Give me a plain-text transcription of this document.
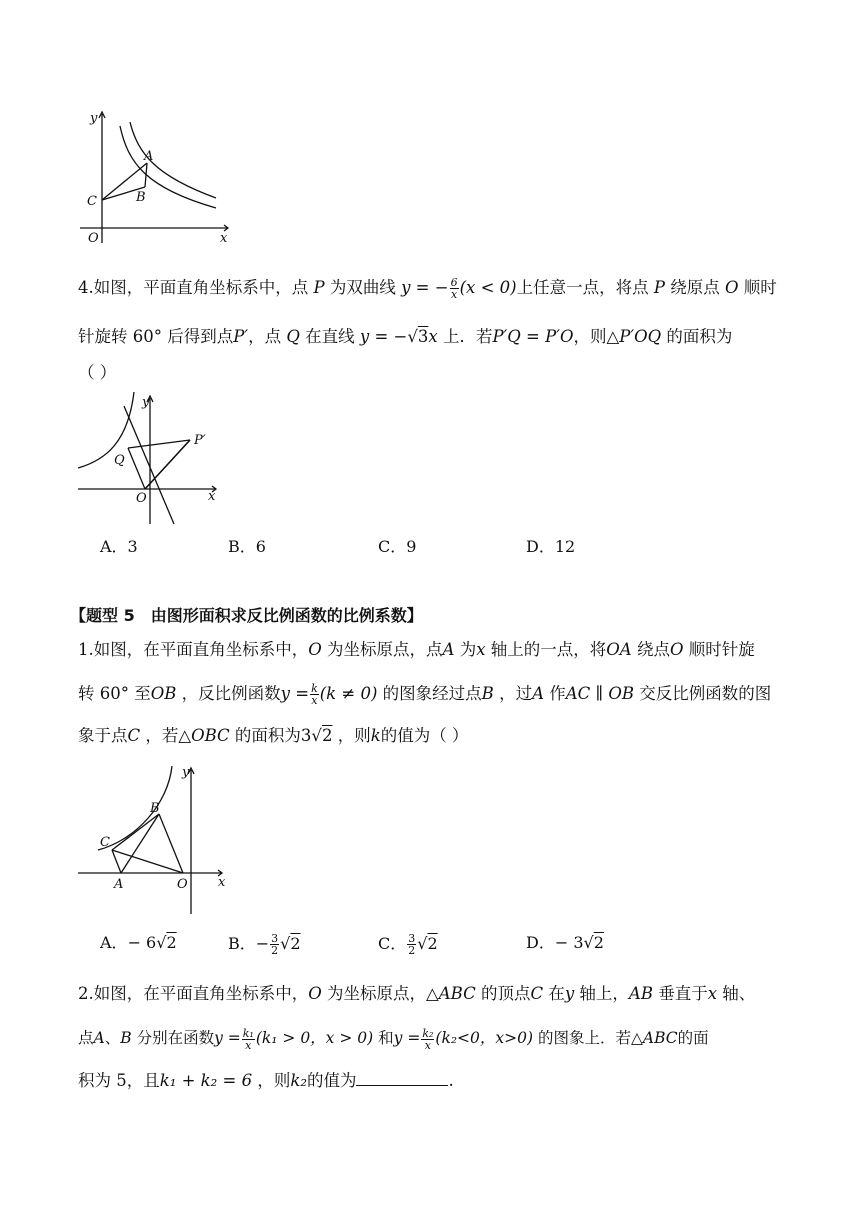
y
x
O
A
B
C
4.如图，平面直角坐标系中，点 P 为双曲线 y = − $\frac{6}{x} (x < 0)$上任意一点，将点 P 绕原点 O 顺时
针旋转 60° 后得到点P′，点 Q 在直线 y = −√3x 上．若P′Q = P′O，则△P′OQ 的面积为
（ ）
y
x
O
P′
Q
A．3	B．6	C．9	D．12
【题型 5　由图形面积求反比例函数的比例系数】
1.如图，在平面直角坐标系中，O 为坐标原点，点A 为x 轴上的一点，将OA 绕点O 顺时针旋
转 60° 至OB ，反比例函数$y = \frac{k}{x} (k \ne 0)$ 的图象经过点B ，过A 作AC ∥ OB 交反比例函数的图
象于点C ，若△OBC 的面积为3√2 ，则k的值为（ ）
y
x
O
B
C
A
A．− 6√2	B．− $\frac{3}{2} √2$	C． $\frac{3}{2} √2$	D．− 3√2
2.如图，在平面直角坐标系中，O 为坐标原点，△ABC 的顶点C 在y 轴上，AB 垂直于x 轴、
点A、B 分别在函数$y = \frac{\text{k₁}}{x} (k_1 > 0$，x > 0) 和$y = \frac{\text{k₂}}{x} (k_2<0$，x>0) 的图象上．若△ABC的面
积为 5，且k₁ + k₂ = 6 ，则k₂的值为	.
